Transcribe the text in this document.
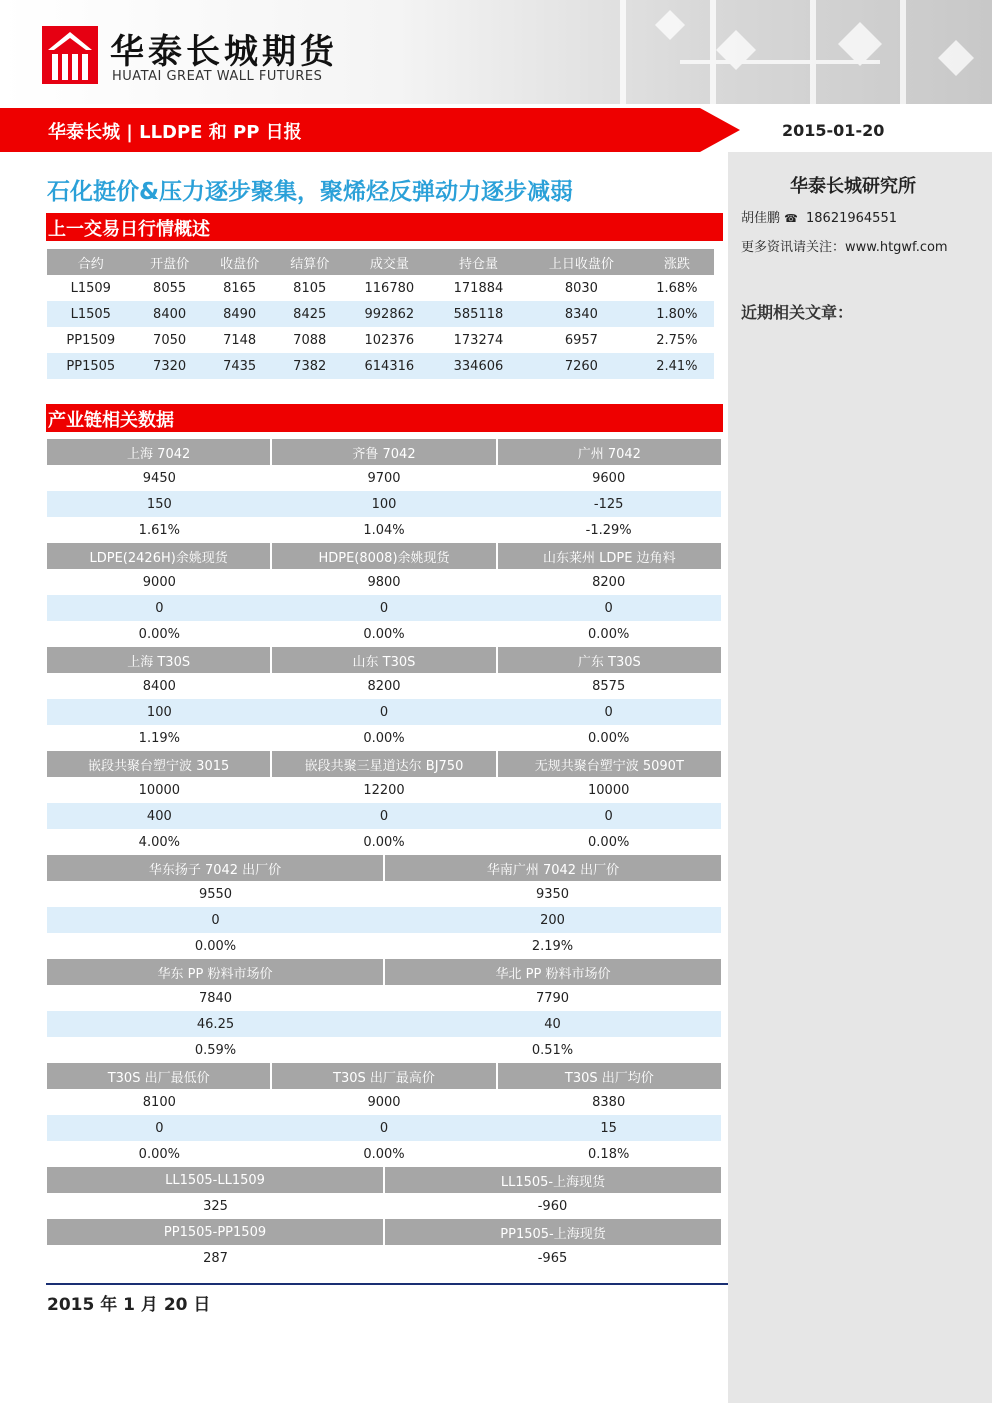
华泰长城期货
HUATAI GREAT WALL FUTURES
华泰长城 | LLDPE 和 PP 日报	2015-01-20
华泰长城研究所
胡佳鹏 ☎ 18621964551
更多资讯请关注：www.htgwf.com
近期相关文章：
石化挺价&压力逐步聚集，聚烯烃反弹动力逐步减弱
上一交易日行情概述
合约	开盘价	收盘价	结算价	成交量	持仓量	上日收盘价	涨跌
L1509	8055	8165	8105	116780	171884	8030	1.68%
L1505	8400	8490	8425	992862	585118	8340	1.80%
PP1509	7050	7148	7088	102376	173274	6957	2.75%
PP1505	7320	7435	7382	614316	334606	7260	2.41%
产业链相关数据
上海 7042	齐鲁 7042	广州 7042
9450	9700	9600
150	100	-125
1.61%	1.04%	-1.29%
LDPE(2426H)余姚现货	HDPE(8008)余姚现货	山东莱州 LDPE 边角料
9000	9800	8200
0	0	0
0.00%	0.00%	0.00%
上海 T30S	山东 T30S	广东 T30S
8400	8200	8575
100	0	0
1.19%	0.00%	0.00%
嵌段共聚台塑宁波 3015	嵌段共聚三星道达尔 BJ750	无规共聚台塑宁波 5090T
10000	12200	10000
400	0	0
4.00%	0.00%	0.00%
华东扬子 7042 出厂价	华南广州 7042 出厂价
9550	9350
0	200
0.00%	2.19%
华东 PP 粉料市场价	华北 PP 粉料市场价
7840	7790
46.25	40
0.59%	0.51%
T30S 出厂最低价	T30S 出厂最高价	T30S 出厂均价
8100	9000	8380
0	0	15
0.00%	0.00%	0.18%
LL1505-LL1509	LL1505-上海现货
325	-960
PP1505-PP1509	PP1505-上海现货
287	-965
2015 年 1 月 20 日
